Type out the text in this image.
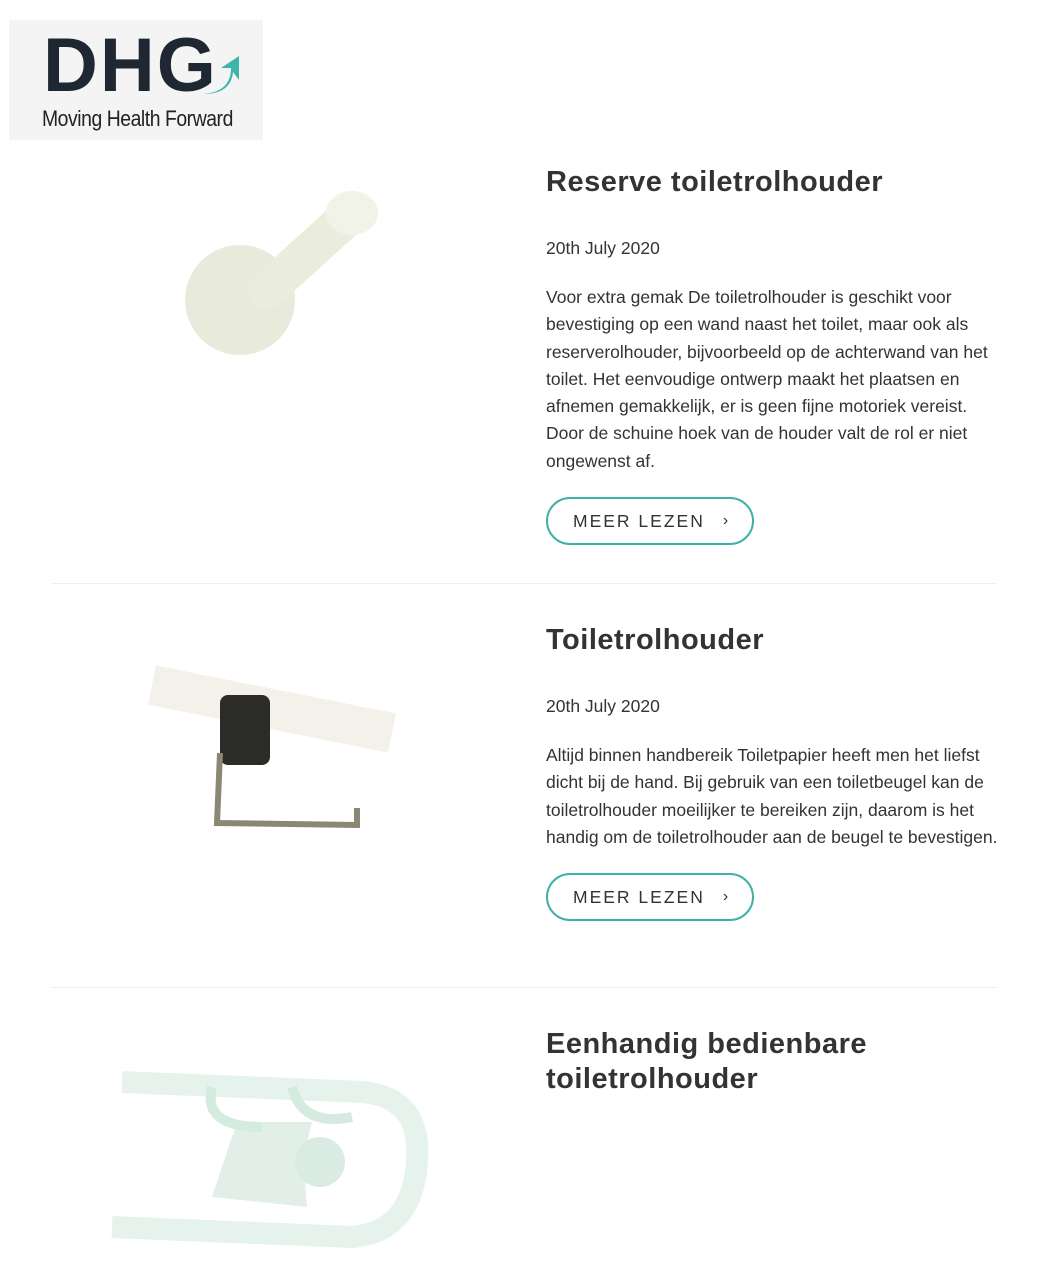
DHG
Moving Health Forward
Reserve toiletrolhouder
20th July 2020

Voor extra gemak De toiletrolhouder is geschikt voor bevestiging op een wand naast het toilet, maar ook als reserverolhouder, bijvoorbeeld op de achterwand van het toilet. Het eenvoudige ontwerp maakt het plaatsen en afnemen gemakkelijk, er is geen fijne motoriek vereist. Door de schuine hoek van de houder valt de rol er niet ongewenst af.

MEER LEZEN ›
Toiletrolhouder
20th July 2020

Altijd binnen handbereik Toiletpapier heeft men het liefst dicht bij de hand. Bij gebruik van een toiletbeugel kan de toiletrolhouder moeilijker te bereiken zijn, daarom is het handig om de toiletrolhouder aan de beugel te bevestigen.

MEER LEZEN ›
Eenhandig bedienbare toiletrolhouder
